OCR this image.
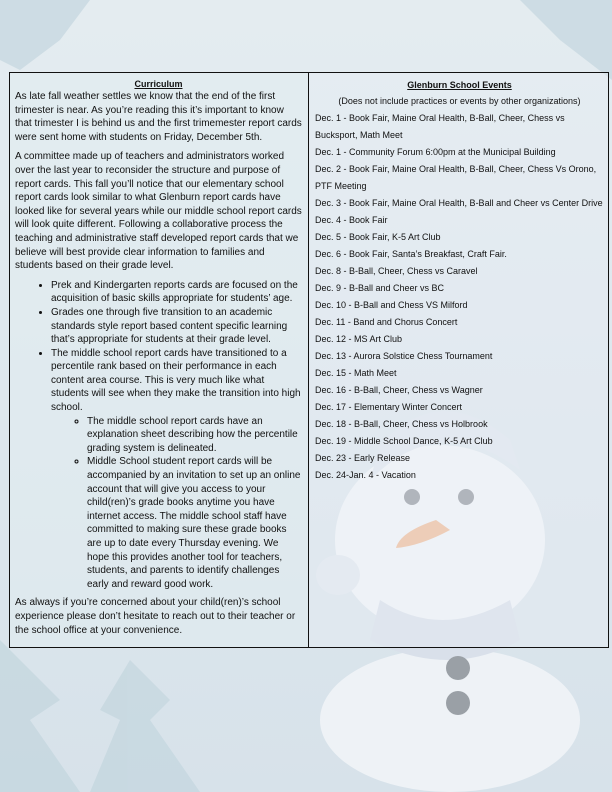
Curriculum

As late fall weather settles we know that the end of the first trimester is near. As you’re reading this it’s important to know that trimester I is behind us and the first trimemester report cards were sent home with students on Friday, December 5th.

A committee made up of teachers and administrators worked over the last year to reconsider the structure and purpose of report cards. This fall you’ll notice that our elementary school report cards look similar to what Glenburn report cards have looked like for several years while our middle school report cards will look quite different. Following a collaborative process the teaching and administrative staff developed report cards that we believe will best provide clear information to families and students based on their grade level.

• Prek and Kindergarten reports cards are focused on the acquisition of basic skills appropriate for students’ age.
• Grades one through five transition to an academic standards style report based content specific learning that’s appropriate for students at their grade level.
• The middle school report cards have transitioned to a percentile rank based on their performance in each content area course. This is very much like what students will see when they make the transition into high school.
◦ The middle school report cards have an explanation sheet describing how the percentile grading system is delineated.
◦ Middle School student report cards will be accompanied by an invitation to set up an online account that will give you access to your child(ren)’s grade books anytime you have internet access. The middle school staff have committed to making sure these grade books are up to date every Thursday evening. We hope this provides another tool for teachers, students, and parents to identify challenges early and reward good work.

As always if you’re concerned about your child(ren)’s school experience please don’t hesitate to reach out to their teacher or the school office at your convenience.

Glenburn School Events
(Does not include practices or events by other organizations)
Dec. 1 - Book Fair, Maine Oral Health, B-Ball, Cheer, Chess vs Bucksport, Math Meet
Dec. 1 - Community Forum 6:00pm at the Municipal Building
Dec. 2 - Book Fair, Maine Oral Health, B-Ball, Cheer, Chess Vs Orono, PTF Meeting
Dec. 3 - Book Fair, Maine Oral Health, B-Ball and Cheer vs Center Drive
Dec. 4 - Book Fair
Dec. 5 - Book Fair, K-5 Art Club
Dec. 6 - Book Fair, Santa’s Breakfast, Craft Fair.
Dec. 8 - B-Ball, Cheer, Chess vs Caravel
Dec. 9 - B-Ball and Cheer vs BC
Dec. 10 - B-Ball and Chess VS Milford
Dec. 11 - Band and Chorus Concert
Dec. 12 - MS Art Club
Dec. 13 - Aurora Solstice Chess Tournament
Dec. 15 - Math Meet
Dec. 16 - B-Ball, Cheer, Chess vs Wagner
Dec. 17 - Elementary Winter Concert
Dec. 18 - B-Ball, Cheer, Chess vs Holbrook
Dec. 19 - Middle School Dance, K-5 Art Club
Dec. 23 - Early Release
Dec. 24-Jan. 4 - Vacation
